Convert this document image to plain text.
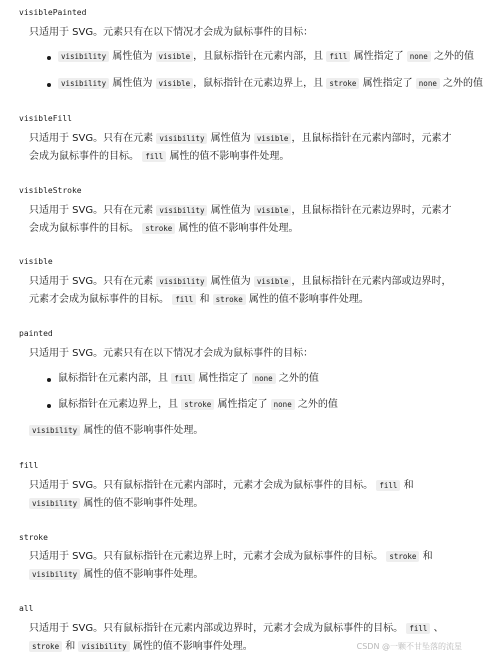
visiblePainted
只适用于 SVG。元素只有在以下情况才会成为鼠标事件的目标：
visibility 属性值为 visible ，且鼠标指针在元素内部，且 fill 属性指定了 none 之外的值
visibility 属性值为 visible ，鼠标指针在元素边界上，且 stroke 属性指定了 none 之外的值
visibleFill
只适用于 SVG。只有在元素 visibility 属性值为 visible ，且鼠标指针在元素内部时，元素才会成为鼠标事件的目标。 fill 属性的值不影响事件处理。
visibleStroke
只适用于 SVG。只有在元素 visibility 属性值为 visible ，且鼠标指针在元素边界时，元素才会成为鼠标事件的目标。 stroke 属性的值不影响事件处理。
visible
只适用于 SVG。只有在元素 visibility 属性值为 visible ，且鼠标指针在元素内部或边界时，元素才会成为鼠标事件的目标。 fill 和 stroke 属性的值不影响事件处理。
painted
只适用于 SVG。元素只有在以下情况才会成为鼠标事件的目标：
鼠标指针在元素内部，且 fill 属性指定了 none 之外的值
鼠标指针在元素边界上，且 stroke 属性指定了 none 之外的值
visibility 属性的值不影响事件处理。
fill
只适用于 SVG。只有鼠标指针在元素内部时，元素才会成为鼠标事件的目标。 fill 和 visibility 属性的值不影响事件处理。
stroke
只适用于 SVG。只有鼠标指针在元素边界上时，元素才会成为鼠标事件的目标。 stroke 和 visibility 属性的值不影响事件处理。
all
只适用于 SVG。只有鼠标指针在元素内部或边界时，元素才会成为鼠标事件的目标。 fill 、 stroke 和 visibility 属性的值不影响事件处理。	CSDN @一颗不甘坠落的流星
